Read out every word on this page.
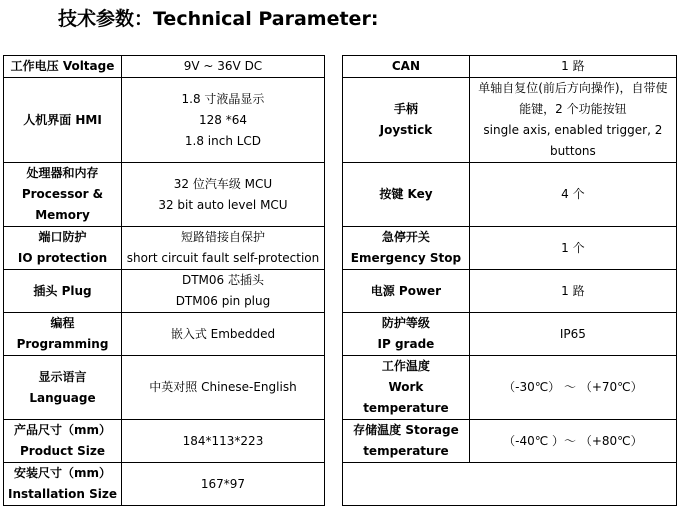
技术参数：Technical Parameter:
工作电压 Voltage	9V ~ 36V DC		CAN	1 路

人机界面 HMI	1.8 寸液晶显示
128 *64
1.8 inch LCD		手柄
Joystick	单轴自复位(前后方向操作)，自带使能键，2 个功能按钮
single axis, enabled trigger, 2 buttons

处理器和内存
Processor &
Memory	32 位汽车级 MCU
32 bit auto level MCU		按键 Key	4 个

端口防护
IO protection	短路错接自保护
short circuit fault self-protection		急停开关
Emergency Stop	1 个

插头 Plug	DTM06 芯插头
DTM06 pin plug		电源 Power	1 路

编程
Programming	嵌入式 Embedded		防护等级
IP grade	IP65

显示语言
Language	中英对照 Chinese-English		工作温度
Work
temperature	（-30℃） ～ （+70℃）

产品尺寸（mm）
Product Size	184*113*223		存储温度 Storage
temperature	（-40℃ ）～ （+80℃）

安装尺寸（mm）
Installation Size	167*97			
